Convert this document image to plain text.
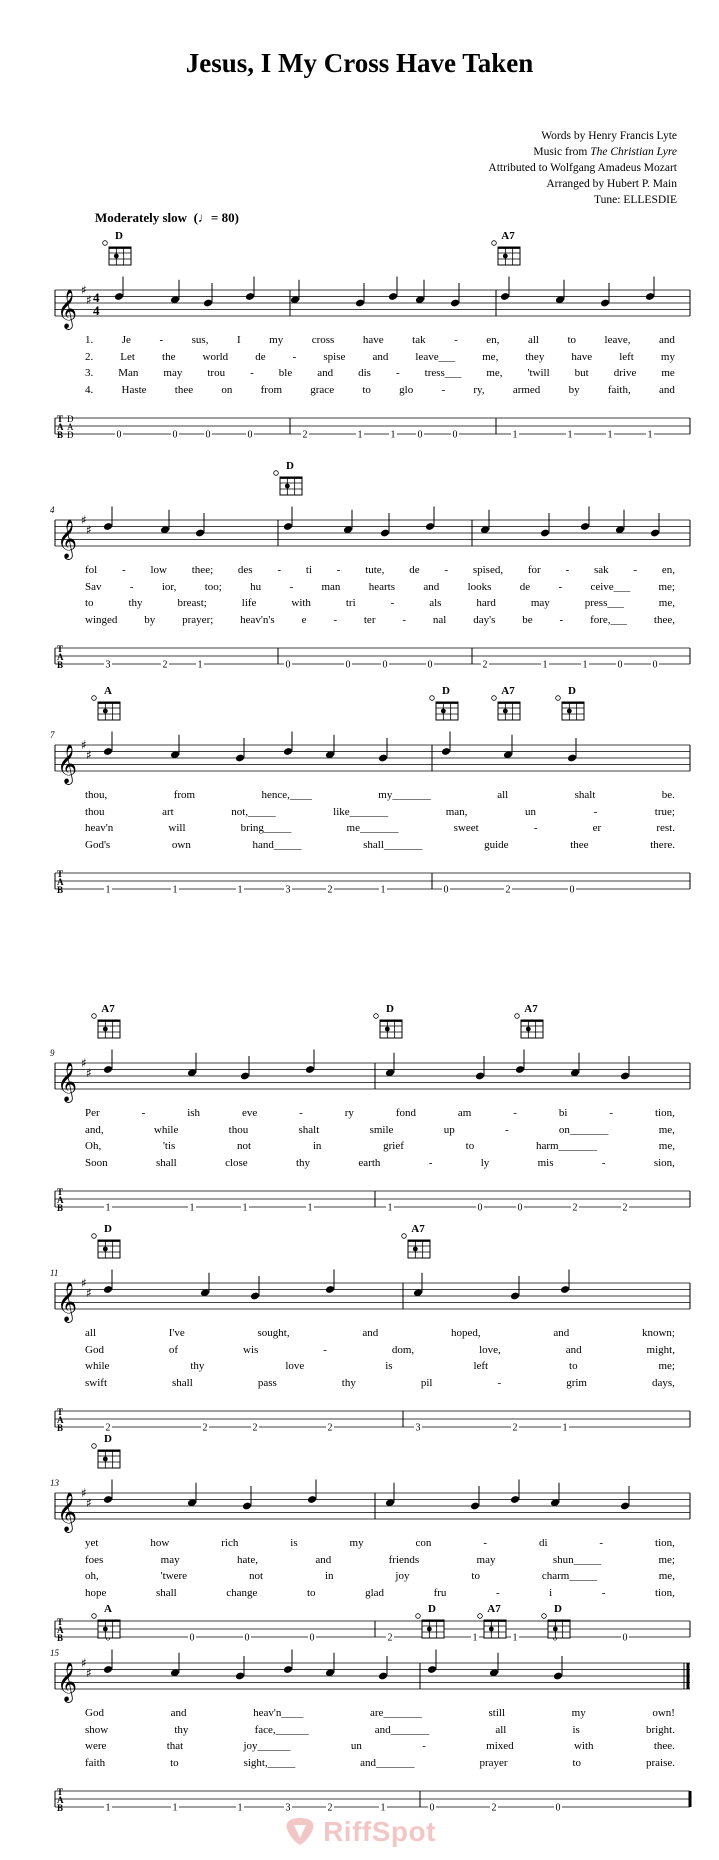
Jesus, I My Cross Have Taken
Words by Henry Francis Lyte
Music from The Christian Lyre
Attributed to Wolfgang Amadeus Mozart
Arranged by Hubert P. Main
Tune: ELLESDIE
Moderately slow  (♩= 80)
D	A7
𝄞 ♯
♯ 4
4
T
A
B
D
A
D	0	0	0	0	2	1	1 0	0	1	1	1	1
1.	Je	-	sus,	I	my	cross	have	tak	-	en,	all	to	leave,	and
2. Let the world de - spise and leave___ me, they have left my
3. Man may trou - ble and dis - tress___ me, 'twill but drive me
4.	Haste	thee	on	from	grace	to	glo	-	ry,	armed	by	faith,	and
4
D
𝄞 ♯
♯
T
A
B	3	2	1	0	0	0	0	2	1	1	0	0
fol - low thee; des - ti - tute, de - spised, for - sak - en,
Sav	-	ior,	too;	hu	-	man	hearts	and	looks	de	-	ceive___	me;
to	thy	breast;	life	with	tri	-	als	hard	may	press___	me,
winged by prayer; heav'n's e - ter - nal day's be - fore,___ thee,
7
A	D	A7	D
𝄞 ♯
♯
T
A
B	1	1	1	3	2	1	0	2	0
thou,	from	hence,____	my_______	all	shalt	be.
thou	art	not,_____	like_______	man,	un	-	true;
heav'n	will	bring_____	me_______	sweet	-	er	rest.
God's	own	hand_____	shall_______	guide	thee	there.
9
A7	D	A7
𝄞 ♯
♯
T
A
B	1	1	1	1	1	0	0	2	2
Per	-	ish	eve	-	ry	fond	am	-	bi	-	tion,
and,	while	thou	shalt	smile	up	-	on_______	me,
Oh,	'tis	not	in	grief	to	harm_______	me,
Soon	shall	close	thy	earth	-	ly	mis	-	sion,
11
D	A7
𝄞 ♯
♯
T
A
B	2	2	2	2	3	2	1
all	I've	sought,	and	hoped,	and	known;
God	of	wis	-	dom,	love,	and	might,
while	thy	love	is	left	to	me;
swift	shall	pass	thy	pil	-	grim	days,
13
D
𝄞 ♯
♯
T
A
B	0	0	0	2	1	1	0
yet	how	rich	is	my	con	-	di	-	tion,
foes	may	hate,	and	friends	may	shun_____	me;
oh,	'twere	not	in	joy	to	charm_____	me,
hope	shall	change	to	glad	fru	-	i	-	tion,
15
A	D	A7	D
𝄞 ♯
♯
T
A
B	1	1	1	3	2	1	0	2	0
God	and	heav'n____	are_______	still	my	own!
show	thy	face,______	and_______	all	is	bright.
were	that	joy______	un	-	mixed	with	thee.
faith	to	sight,_____	and_______	prayer	to	praise.
RiffSpot
